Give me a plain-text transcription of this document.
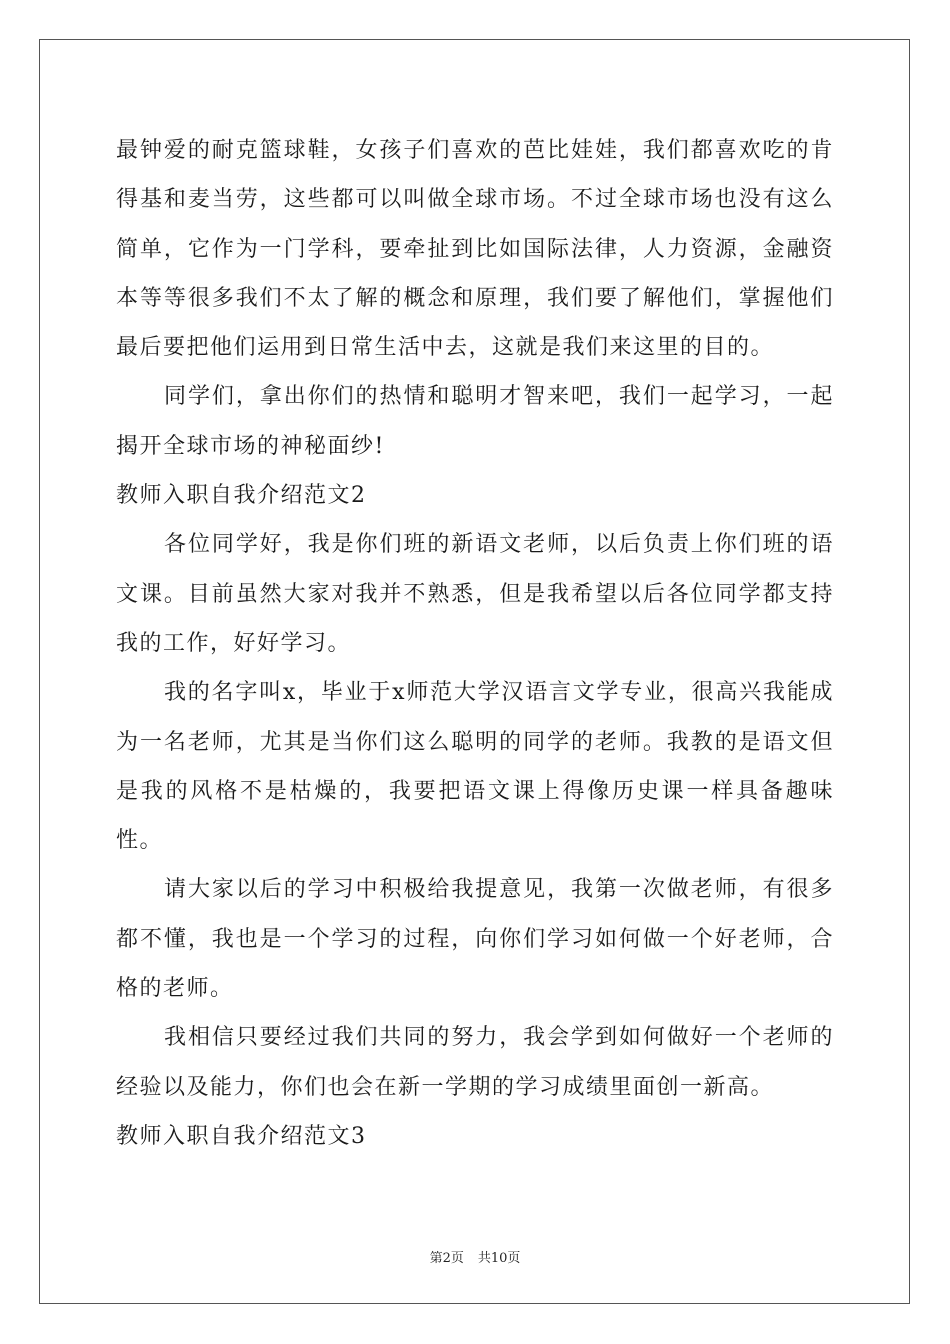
最钟爱的耐克篮球鞋，女孩子们喜欢的芭比娃娃，我们都喜欢吃的肯得基和麦当劳，这些都可以叫做全球市场。不过全球市场也没有这么简单，它作为一门学科，要牵扯到比如国际法律，人力资源，金融资本等等很多我们不太了解的概念和原理，我们要了解他们，掌握他们最后要把他们运用到日常生活中去，这就是我们来这里的目的。

同学们，拿出你们的热情和聪明才智来吧，我们一起学习，一起揭开全球市场的神秘面纱!

教师入职自我介绍范文2

各位同学好，我是你们班的新语文老师，以后负责上你们班的语文课。目前虽然大家对我并不熟悉，但是我希望以后各位同学都支持我的工作，好好学习。

我的名字叫x，毕业于x师范大学汉语言文学专业，很高兴我能成为一名老师，尤其是当你们这么聪明的同学的老师。我教的是语文但是我的风格不是枯燥的，我要把语文课上得像历史课一样具备趣味性。

请大家以后的学习中积极给我提意见，我第一次做老师，有很多都不懂，我也是一个学习的过程，向你们学习如何做一个好老师，合格的老师。

我相信只要经过我们共同的努力，我会学到如何做好一个老师的经验以及能力，你们也会在新一学期的学习成绩里面创一新高。

教师入职自我介绍范文3

第2页 共10页
